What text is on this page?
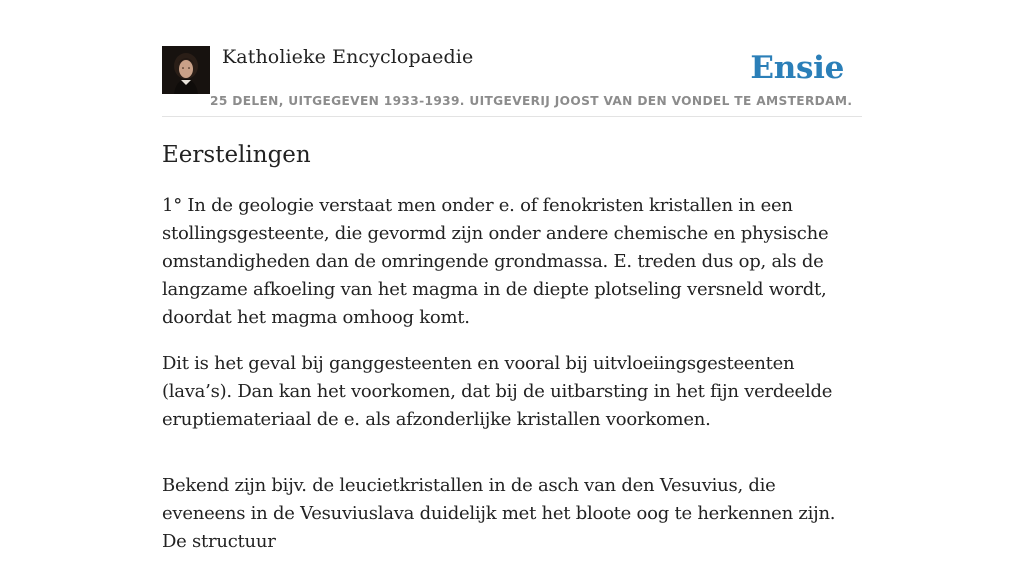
Katholieke Encyclopaedie
25 DELEN, UITGEGEVEN 1933-1939. UITGEVERIJ JOOST VAN DEN VONDEL TE AMSTERDAM.
Ensie
Eerstelingen

1° In de geologie verstaat men onder e. of fenokristen kristallen in een stollingsgesteente, die gevormd zijn onder andere chemische en physische omstandigheden dan de omringende grondmassa. E. treden dus op, als de langzame afkoeling van het magma in de diepte plotseling versneld wordt, doordat het magma omhoog komt.

Dit is het geval bij ganggesteenten en vooral bij uitvloeiingsgesteenten (lava’s). Dan kan het voorkomen, dat bij de uitbarsting in het fijn verdeelde eruptiemateriaal de e. als afzonderlijke kristallen voorkomen.

Bekend zijn bijv. de leucietkristallen in de asch van den Vesuvius, die eveneens in de Vesuviuslava duidelijk met het bloote oog te herkennen zijn. De structuur
